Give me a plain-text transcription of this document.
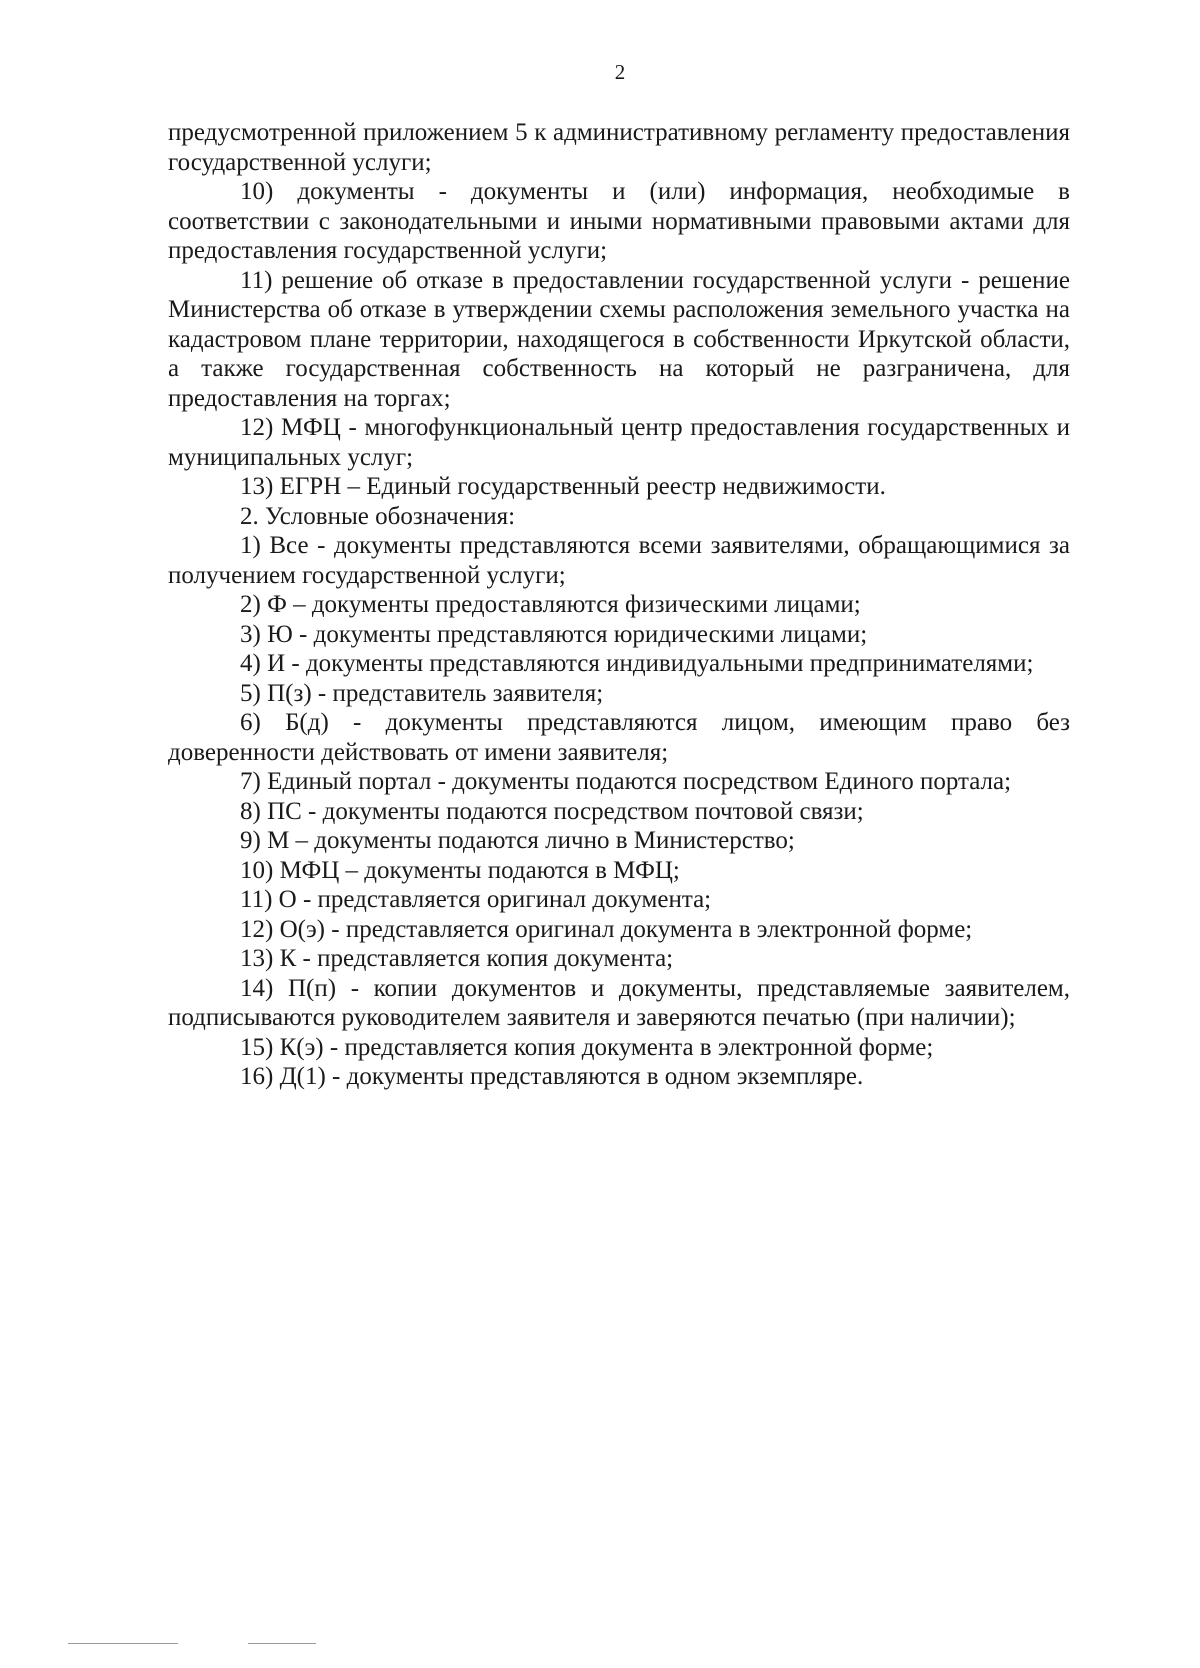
2

предусмотренной приложением 5 к административному регламенту предоставления государственной услуги;

10) документы - документы и (или) информация, необходимые в соответствии с законодательными и иными нормативными правовыми актами для предоставления государственной услуги;

11) решение об отказе в предоставлении государственной услуги - решение Министерства об отказе в утверждении схемы расположения земельного участка на кадастровом плане территории, находящегося в собственности Иркутской области, а также государственная собственность на который не разграничена, для предоставления на торгах;

12) МФЦ - многофункциональный центр предоставления государственных и муниципальных услуг;

13) ЕГРН – Единый государственный реестр недвижимости.

2. Условные обозначения:

1) Все - документы представляются всеми заявителями, обращающимися за получением государственной услуги;

2) Ф – документы предоставляются физическими лицами;

3) Ю - документы представляются юридическими лицами;

4) И - документы представляются индивидуальными предпринимателями;

5) П(з) - представитель заявителя;

6) Б(д) - документы представляются лицом, имеющим право без доверенности действовать от имени заявителя;

7) Единый портал - документы подаются посредством Единого портала;

8) ПС - документы подаются посредством почтовой связи;

9) М – документы подаются лично в Министерство;

10) МФЦ – документы подаются в МФЦ;

11) О - представляется оригинал документа;

12) О(э) - представляется оригинал документа в электронной форме;

13) К - представляется копия документа;

14) П(п) - копии документов и документы, представляемые заявителем, подписываются руководителем заявителя и заверяются печатью (при наличии);

15) К(э) - представляется копия документа в электронной форме;

16) Д(1) - документы представляются в одном экземпляре.
